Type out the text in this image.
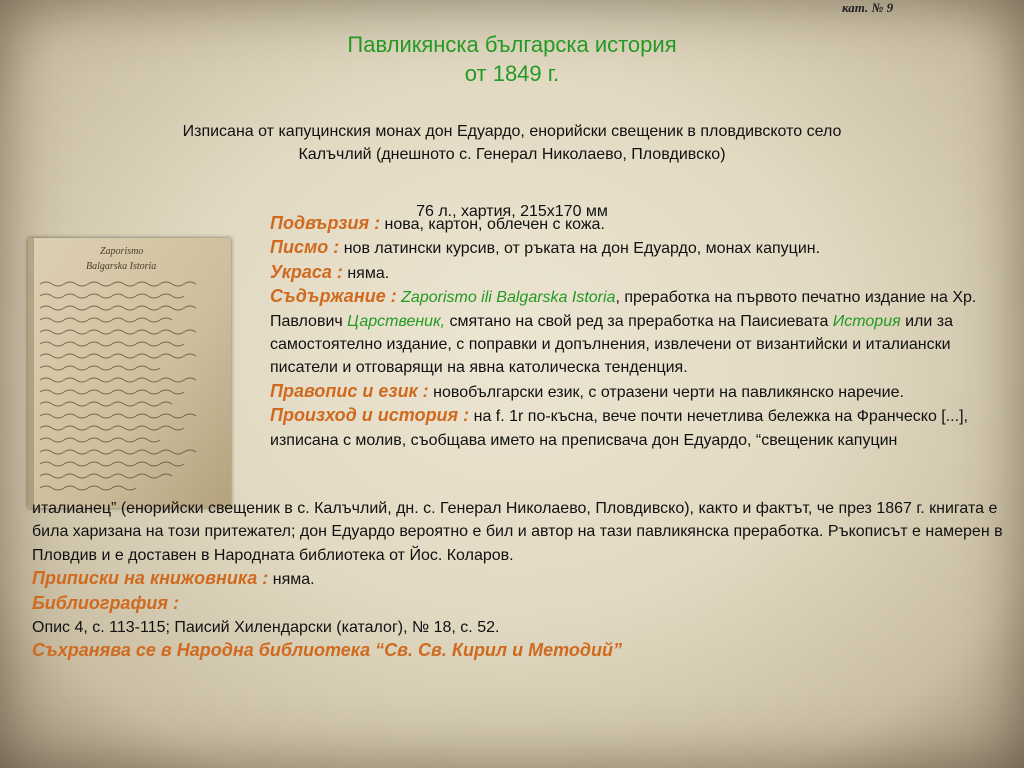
кат. № 9
Павликянска българска история
от 1849 г.
Изписана от капуцинския монах дон Едуардо, енорийски свещеник в пловдивското село
Калъчлий (днешното с. Генерал Николаево, Пловдивско)
76 л., хартия, 215х170 мм
Zaporismo
Balgarska Istoria

Подвързия : нова, картон, облечен с кожа.

Писмо : нов латински курсив, от ръката на дон Едуардо, монах капуцин.

Украса : няма.

Съдържание : Zaporismo ili Balgarska Istoria, преработка на първото печатно издание на Хр. Павлович Царственик, смятано на свой ред за преработка на Паисиевата История или за самостоятелно издание, с поправки и допълнения, извлечени от византийски и италиански писатели и отговарящи на явна католическа тенденция.

Правопис и език : новобългарски език, с отразени черти на павликянско наречие.

Произход и история : на f. 1r по-късна, вече почти нечетлива бележка на Франческо [...], изписана с молив, съобщава името на преписвача дон Едуардо, “свещеник капуцин

италианец” (енорийски свещеник в с. Калъчлий, дн. с. Генерал Николаево, Пловдивско), както и фактът, че през 1867 г. книгата е била харизана на този притежател; дон Едуардо вероятно е бил и автор на тази павликянска преработка. Ръкописът е намерен в Пловдив и е доставен в Народната библиотека от Йос. Коларов.

Приписки на книжовника : няма.

Библиография :

Опис 4, с. 113-115; Паисий Хилендарски (каталог), № 18, с. 52.

Съхранява се в Народна библиотека “Св. Св. Кирил и Методий”
